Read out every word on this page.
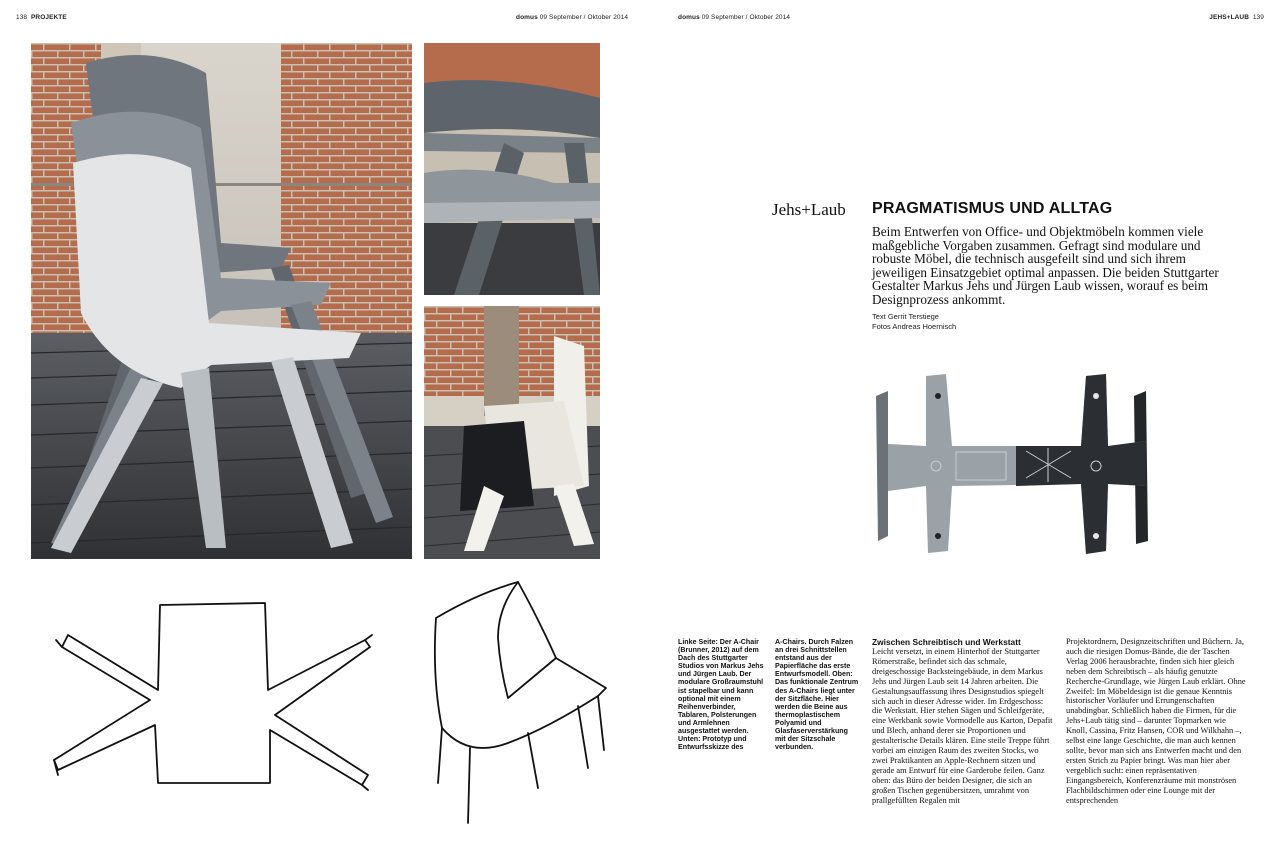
138 PROJEKTE	domus 09 September / Oktober 2014	domus 09 September / Oktober 2014	JEHS+LAUB 139
Jehs+Laub PRAGMATISMUS UND ALLTAG
Beim Entwerfen von Office- und Objektmöbeln kommen viele maßgebliche Vorgaben zusammen. Gefragt sind modulare und robuste Möbel, die technisch ausgefeilt sind und sich ihrem jeweiligen Einsatzgebiet optimal anpassen. Die beiden Stuttgarter Gestalter Markus Jehs und Jürgen Laub wissen, worauf es beim Designprozess ankommt.
Text Gerrit Terstiege
Fotos Andreas Hoernisch
Linke Seite: Der A-Chair (Brunner, 2012) auf dem Dach des Stuttgarter Studios von Markus Jehs und Jürgen Laub. Der modulare Großraumstuhl ist stapelbar und kann optional mit einem Reihenverbinder, Tablaren, Polsterungen und Armlehnen ausgestattet werden. Unten: Prototyp und Entwurfsskizze des
A-Chairs. Durch Falzen an drei Schnittstellen entstand aus der Papierfläche das erste Entwurfsmodell. Oben: Das funktionale Zentrum des A-Chairs liegt unter der Sitzfläche. Hier werden die Beine aus thermoplastischem Polyamid und Glasfaserverstärkung mit der Sitzschale verbunden.
Zwischen Schreibtisch und Werkstatt
Leicht versetzt, in einem Hinterhof der Stuttgarter Römerstraße, befindet sich das schmale, dreigeschossige Backsteingebäude, in dem Markus Jehs und Jürgen Laub seit 14 Jahren arbeiten. Die Gestaltungsauffassung ihres Designstudios spiegelt sich auch in dieser Adresse wider. Im Erdgeschoss: die Werkstatt. Hier stehen Sägen und Schleifgeräte, eine Werkbank sowie Vormodelle aus Karton, Depafit und Blech, anhand derer sie Proportionen und gestalterische Details klären. Eine steile Treppe führt vorbei am einzigen Raum des zweiten Stocks, wo zwei Praktikanten an Apple-Rechnern sitzen und gerade am Entwurf für eine Garderobe feilen. Ganz oben: das Büro der beiden Designer, die sich an großen Tischen gegenübersitzen, umrahmt von prallgefüllten Regalen mit
Projektordnern, Designzeitschriften und Büchern. Ja, auch die riesigen Domus-Bände, die der Taschen Verlag 2006 herausbrachte, finden sich hier gleich neben dem Schreibtisch – als häufig genutzte Recherche-Grundlage, wie Jürgen Laub erklärt. Ohne Zweifel: Im Möbeldesign ist die genaue Kenntnis historischer Vorläufer und Errungenschaften unabdingbar. Schließlich haben die Firmen, für die Jehs+Laub tätig sind – darunter Topmarken wie Knoll, Cassina, Fritz Hansen, COR und Wilkhahn –, selbst eine lange Geschichte, die man auch kennen sollte, bevor man sich ans Entwerfen macht und den ersten Strich zu Papier bringt. Was man hier aber vergeblich sucht: einen repräsentativen Eingangsbereich, Konferenzräume mit monströsen Flachbildschirmen oder eine Lounge mit der entsprechenden
